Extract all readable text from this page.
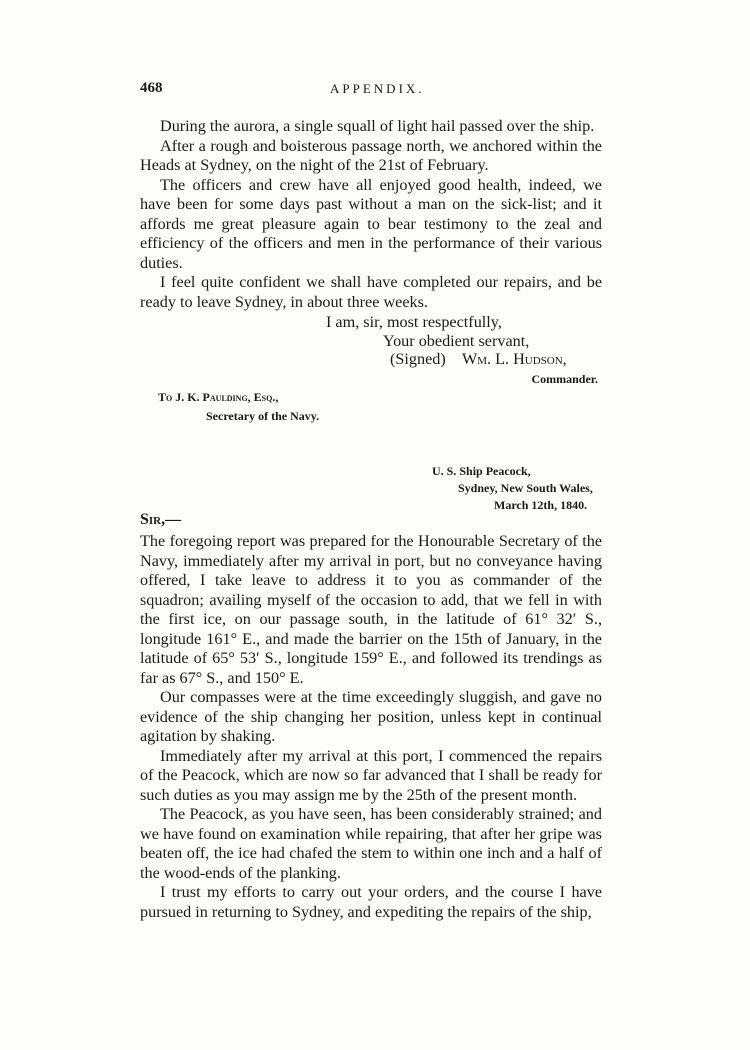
468	APPENDIX.

During the aurora, a single squall of light hail passed over the ship.

After a rough and boisterous passage north, we anchored within the Heads at Sydney, on the night of the 21st of February.

The officers and crew have all enjoyed good health, indeed, we have been for some days past without a man on the sick-list; and it affords me great pleasure again to bear testimony to the zeal and efficiency of the officers and men in the performance of their various duties.

I feel quite confident we shall have completed our repairs, and be ready to leave Sydney, in about three weeks.

I am, sir, most respectfully,
Your obedient servant,
(Signed) Wm. L. Hudson,
Commander.
To J. K. Paulding, Esq.,
Secretary of the Navy.
U. S. Ship Peacock,
Sydney, New South Wales,
March 12th, 1840.
Sir,—

The foregoing report was prepared for the Honourable Secretary of the Navy, immediately after my arrival in port, but no conveyance having offered, I take leave to address it to you as commander of the squadron; availing myself of the occasion to add, that we fell in with the first ice, on our passage south, in the latitude of 61° 32′ S., longitude 161° E., and made the barrier on the 15th of January, in the latitude of 65° 53′ S., longitude 159° E., and followed its trendings as far as 67° S., and 150° E.

Our compasses were at the time exceedingly sluggish, and gave no evidence of the ship changing her position, unless kept in continual agitation by shaking.

Immediately after my arrival at this port, I commenced the repairs of the Peacock, which are now so far advanced that I shall be ready for such duties as you may assign me by the 25th of the present month.

The Peacock, as you have seen, has been considerably strained; and we have found on examination while repairing, that after her gripe was beaten off, the ice had chafed the stem to within one inch and a half of the wood-ends of the planking.

I trust my efforts to carry out your orders, and the course I have pursued in returning to Sydney, and expediting the repairs of the ship,
